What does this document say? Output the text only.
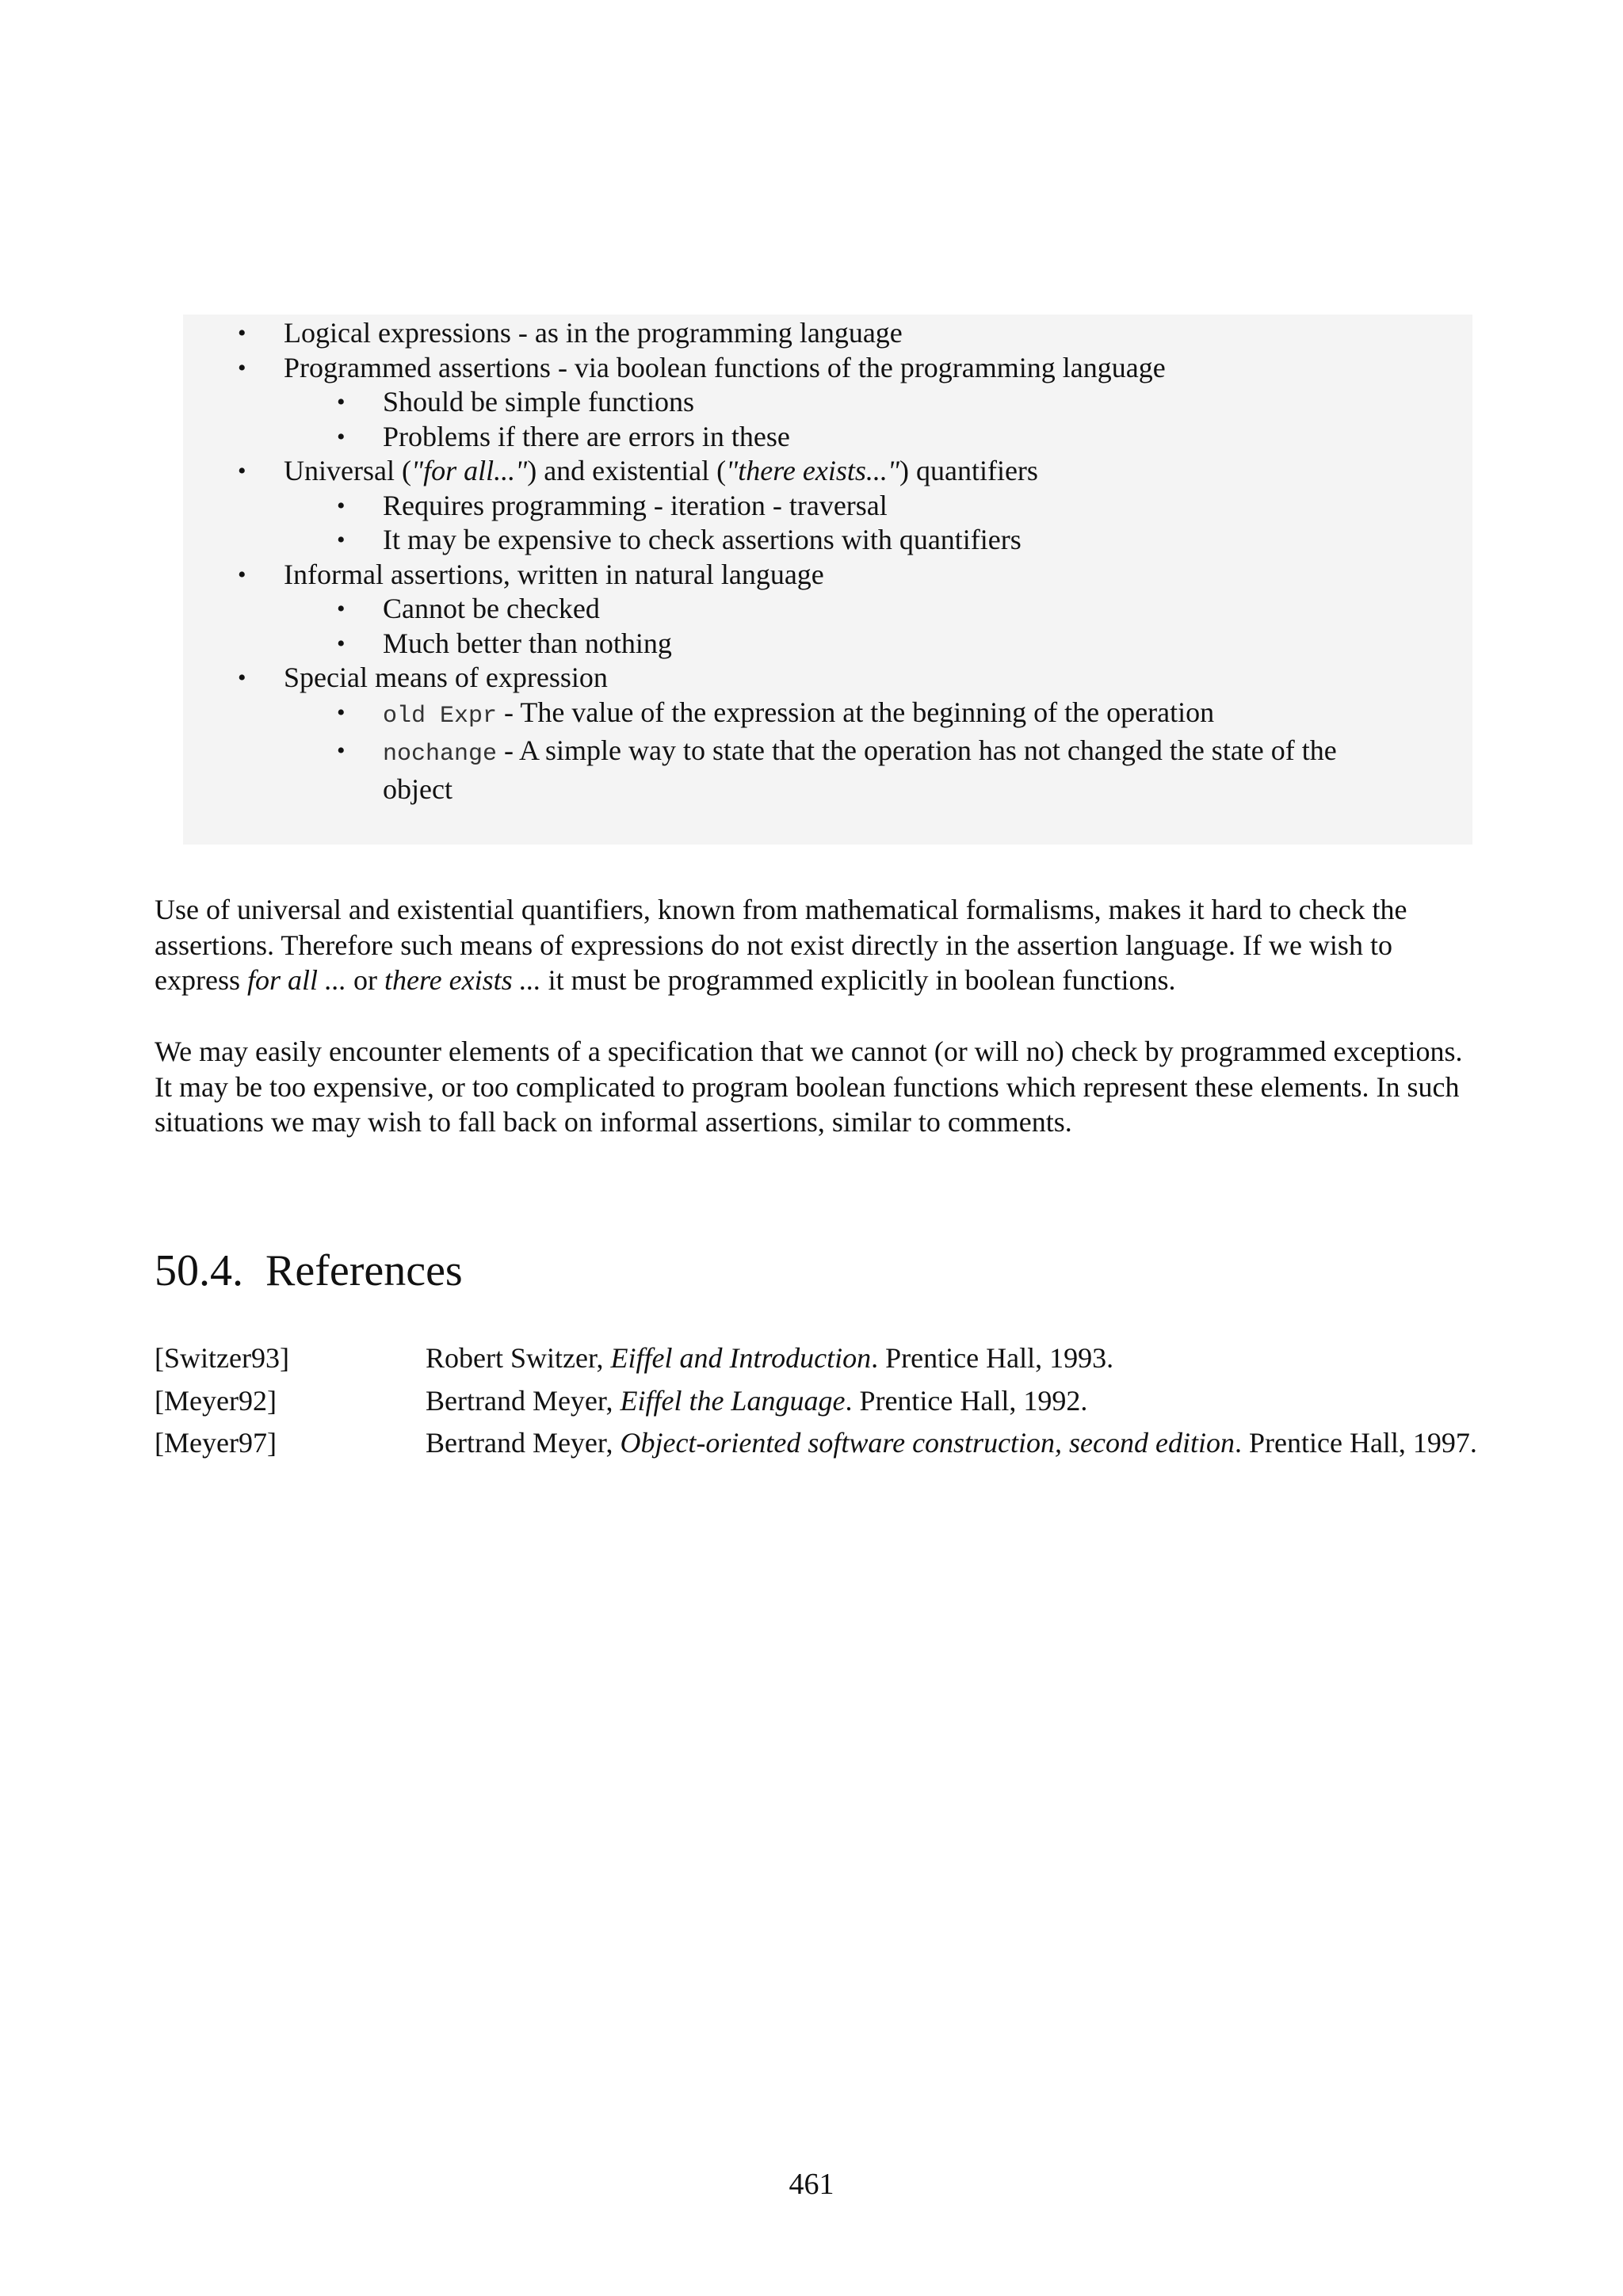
• Logical expressions - as in the programming language
• Programmed assertions - via boolean functions of the programming language
• Should be simple functions
• Problems if there are errors in these
• Universal ("for all...") and existential ("there exists...") quantifiers
• Requires programming - iteration - traversal
• It may be expensive to check assertions with quantifiers
• Informal assertions, written in natural language
• Cannot be checked
• Much better than nothing
• Special means of expression
• old Expr - The value of the expression at the beginning of the operation
• nochange - A simple way to state that the operation has not changed the state of the object

Use of universal and existential quantifiers, known from mathematical formalisms, makes it hard to check the assertions. Therefore such means of expressions do not exist directly in the assertion language. If we wish to express for all ... or there exists ... it must be programmed explicitly in boolean functions.

We may easily encounter elements of a specification that we cannot (or will no) check by programmed exceptions. It may be too expensive, or too complicated to program boolean functions which represent these elements. In such situations we may wish to fall back on informal assertions, similar to comments.

50.4. References
[Switzer93]	Robert Switzer, Eiffel and Introduction. Prentice Hall, 1993.
[Meyer92]	Bertrand Meyer, Eiffel the Language. Prentice Hall, 1992.
[Meyer97]	Bertrand Meyer, Object-oriented software construction, second edition. Prentice Hall, 1997.
461
